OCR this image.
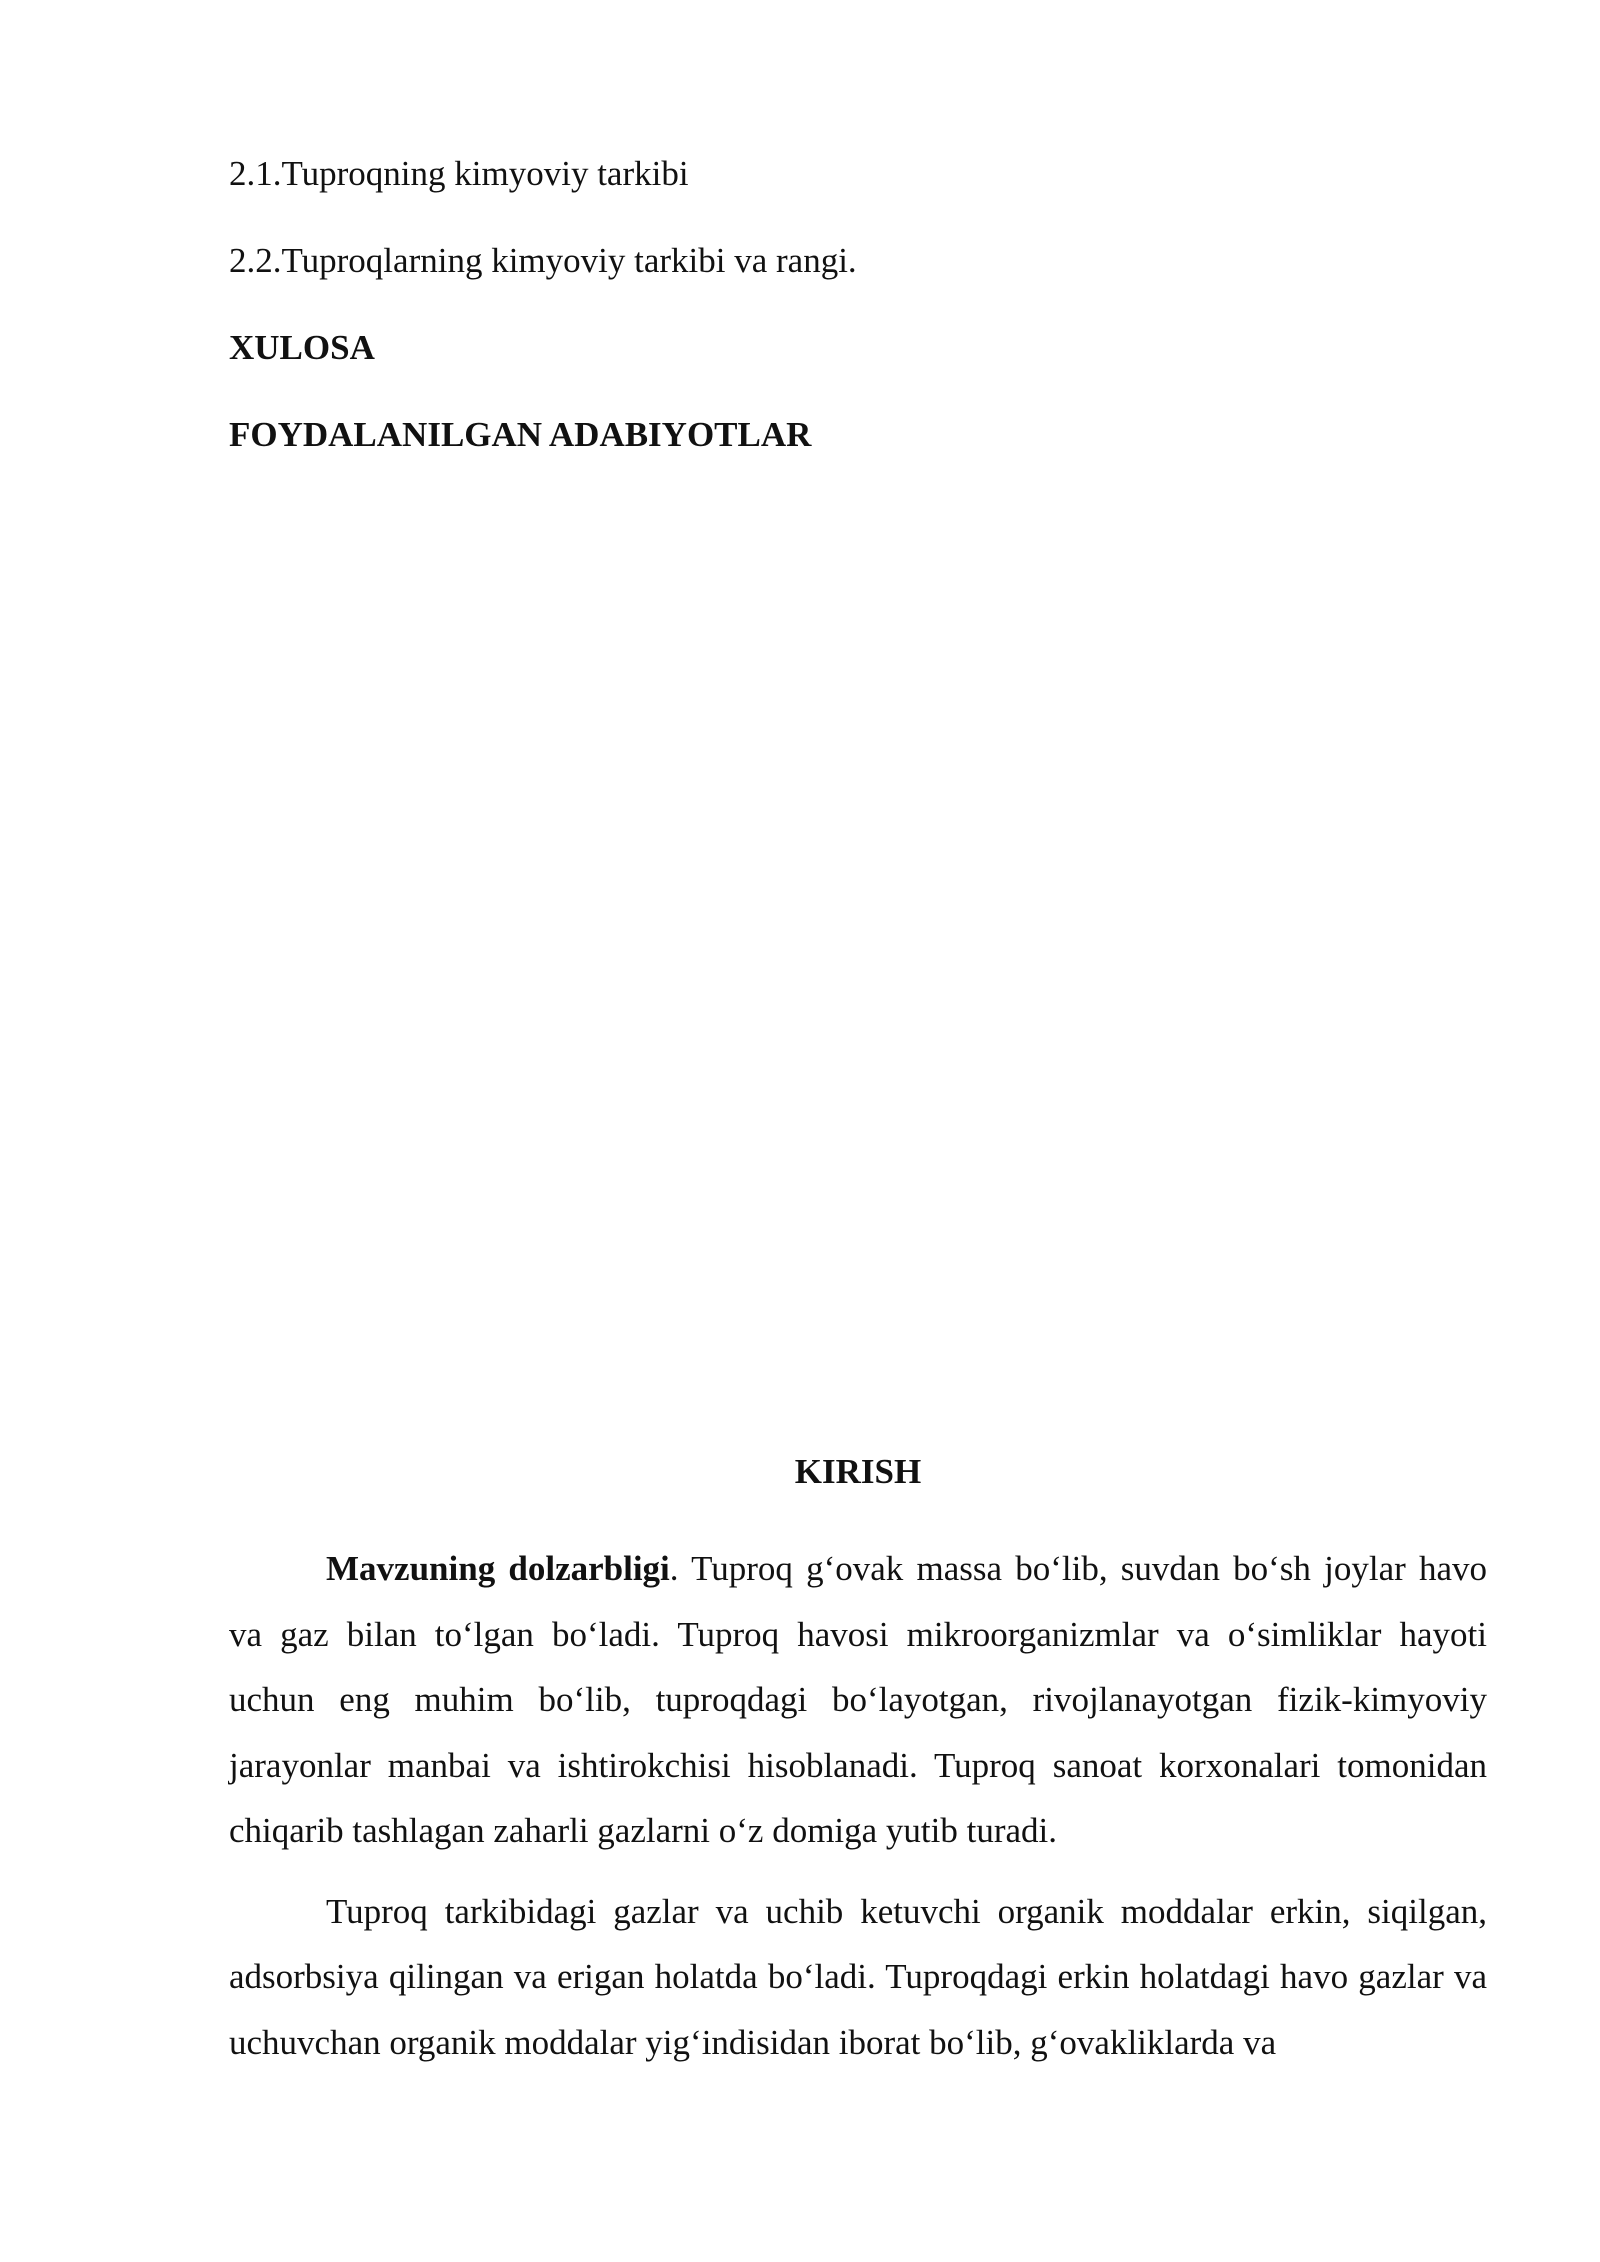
2.1.Tuproqning kimyoviy tarkibi
2.2.Tuproqlarning kimyoviy tarkibi va rangi.
XULOSA
FOYDALANILGAN ADABIYOTLAR
KIRISH

Mavzuning dolzarbligi. Tuproq g‘ovak massa bo‘lib, suvdan bo‘sh joylar havo va gaz bilan to‘lgan bo‘ladi. Tuproq havosi mikroorganizmlar va o‘simliklar hayoti uchun eng muhim bo‘lib, tuproqdagi bo‘layotgan, rivojlanayotgan fizik-kimyoviy jarayonlar manbai va ishtirokchisi hisoblanadi. Tuproq sanoat korxonalari tomonidan chiqarib tashlagan zaharli gazlarni o‘z domiga yutib turadi.

Tuproq tarkibidagi gazlar va uchib ketuvchi organik moddalar erkin, siqilgan, adsorbsiya qilingan va erigan holatda bo‘ladi. Tuproqdagi erkin holatdagi havo gazlar va uchuvchan organik moddalar yig‘indisidan iborat bo‘lib, g‘ovakliklarda va
